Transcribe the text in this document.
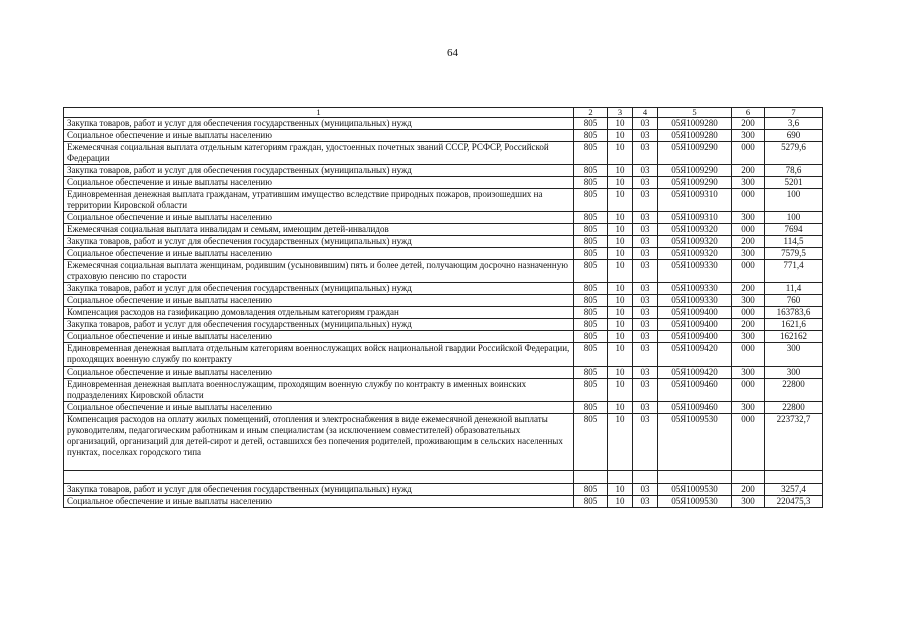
64
1	2	3	4	5	6	7
Закупка товаров, работ и услуг для обеспечения государственных (муниципальных) нужд	805	10	03	05Я1009280	200	3,6
Социальное обеспечение и иные выплаты населению	805	10	03	05Я1009280	300	690
Ежемесячная социальная выплата отдельным категориям граждан, удостоенных почетных званий СССР, РСФСР, Российской Федерации	805	10	03	05Я1009290	000	5279,6
Закупка товаров, работ и услуг для обеспечения государственных (муниципальных) нужд	805	10	03	05Я1009290	200	78,6
Социальное обеспечение и иные выплаты населению	805	10	03	05Я1009290	300	5201
Единовременная денежная выплата гражданам, утратившим имущество вследствие природных пожаров, произошедших на территории Кировской области	805	10	03	05Я1009310	000	100
Социальное обеспечение и иные выплаты населению	805	10	03	05Я1009310	300	100
Ежемесячная социальная выплата инвалидам и семьям, имеющим детей-инвалидов	805	10	03	05Я1009320	000	7694
Закупка товаров, работ и услуг для обеспечения государственных (муниципальных) нужд	805	10	03	05Я1009320	200	114,5
Социальное обеспечение и иные выплаты населению	805	10	03	05Я1009320	300	7579,5
Ежемесячная социальная выплата женщинам, родившим (усыновившим) пять и более детей, получающим досрочно назначенную страховую пенсию по старости	805	10	03	05Я1009330	000	771,4
Закупка товаров, работ и услуг для обеспечения государственных (муниципальных) нужд	805	10	03	05Я1009330	200	11,4
Социальное обеспечение и иные выплаты населению	805	10	03	05Я1009330	300	760
Компенсация расходов на газификацию домовладения отдельным категориям граждан	805	10	03	05Я1009400	000	163783,6
Закупка товаров, работ и услуг для обеспечения государственных (муниципальных) нужд	805	10	03	05Я1009400	200	1621,6
Социальное обеспечение и иные выплаты населению	805	10	03	05Я1009400	300	162162
Единовременная денежная выплата отдельным категориям военнослужащих войск национальной гвардии Российской Федерации, проходящих военную службу по контракту	805	10	03	05Я1009420	000	300
Социальное обеспечение и иные выплаты населению	805	10	03	05Я1009420	300	300
Единовременная денежная выплата военнослужащим, проходящим военную службу по контракту в именных воинских подразделениях Кировской области	805	10	03	05Я1009460	000	22800
Социальное обеспечение и иные выплаты населению	805	10	03	05Я1009460	300	22800
Компенсация расходов на оплату жилых помещений, отопления и электроснабжения в виде ежемесячной денежной выплаты руководителям, педагогическим работникам и иным специалистам (за исключением совместителей) образовательных организаций, организаций для детей-сирот и детей, оставшихся без попечения родителей, проживающим в сельских населенных пунктах, поселках городского типа	805	10	03	05Я1009530	000	223732,7

Закупка товаров, работ и услуг для обеспечения государственных (муниципальных) нужд	805	10	03	05Я1009530	200	3257,4
Социальное обеспечение и иные выплаты населению	805	10	03	05Я1009530	300	220475,3
